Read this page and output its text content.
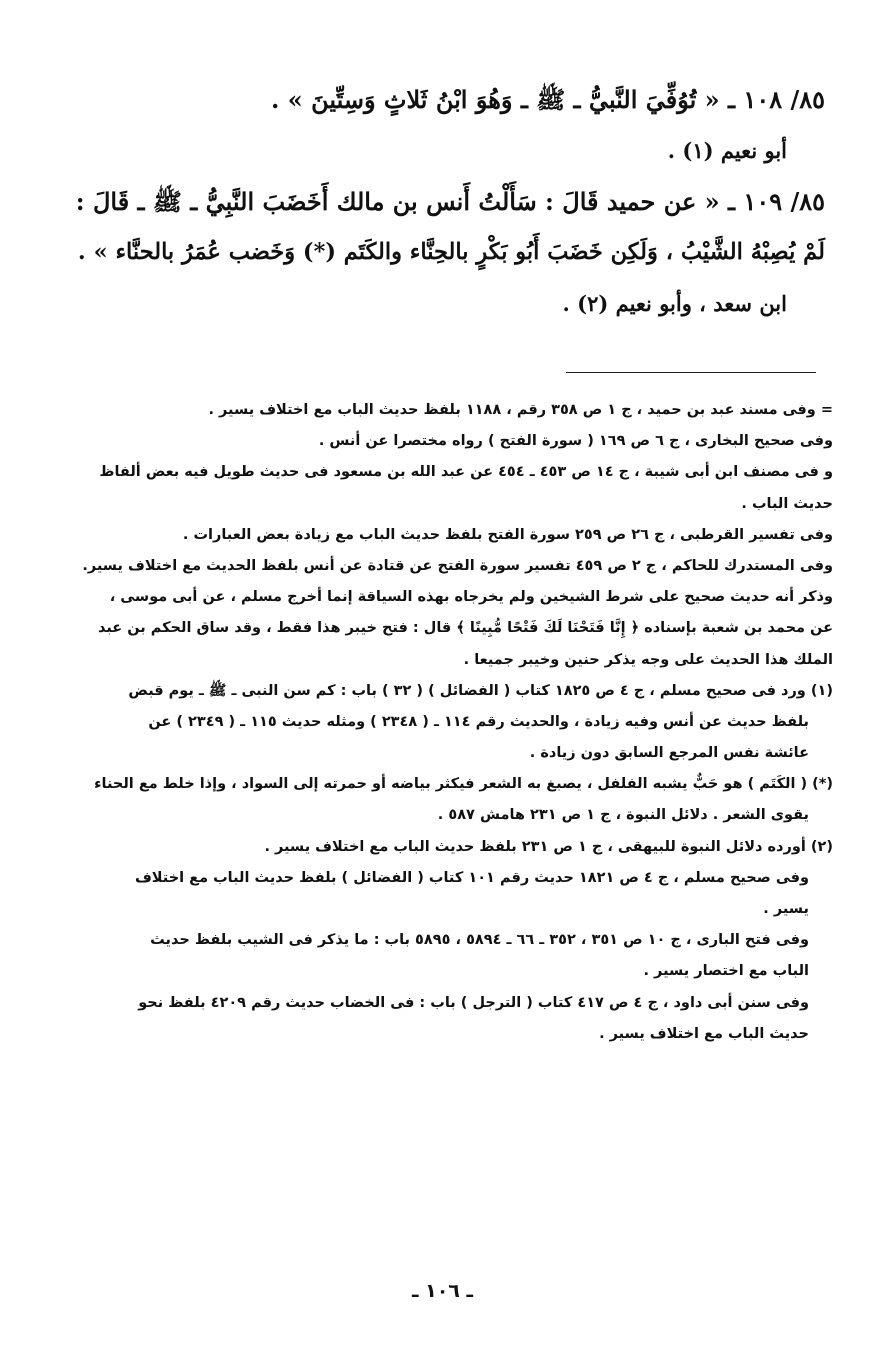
٨٥/ ١٠٨ ـ « تُوُفِّيَ النَّبيُّ ـ ﷺ ـ وَهُوَ ابْنُ ثَلاثٍ وَسِتِّينَ » .

أبو نعيم (١) .

٨٥/ ١٠٩ ـ « عن حميد قَالَ : سَأَلْتُ أَنس بن مالك أَخَضَبَ النَّبِيُّ ـ ﷺ ـ قَالَ :

لَمْ يُصِبْهُ الشَّيْبُ ، وَلَكِن خَضَبَ أَبُو بَكْرٍ بالحِنَّاء والكَتَم (*) وَخَضب عُمَرُ بالحنَّاء » .

ابن سعد ، وأبو نعيم (٢) .

= وفى مسند عبد بن حميد ، ج ١ ص ٣٥٨ رقم ، ١١٨٨ بلفظ حديث الباب مع اختلاف يسير .
وفى صحيح البخارى ، ج ٦ ص ١٦٩ ( سورة الفتح ) رواه مختصرا عن أنس .
و فى مصنف ابن أبى شيبة ، ج ١٤ ص ٤٥٣ ـ ٤٥٤ عن عبد الله بن مسعود فى حديث طويل فيه بعض ألفاظ
حديث الباب .
وفى تفسير القرطبى ، ج ٢٦ ص ٢٥٩ سورة الفتح بلفظ حديث الباب مع زيادة بعض العبارات .
وفى المستدرك للحاكم ، ج ٢ ص ٤٥٩ تفسير سورة الفتح عن قتادة عن أنس بلفظ الحديث مع اختلاف يسير.
وذكر أنه حديث صحيح على شرط الشيخين ولم يخرجاه بهذه السياقة إنما أخرج مسلم ، عن أبى موسى ،
عن محمد بن شعبة بإسناده ﴿ إِنَّا فَتَحْنَا لَكَ فَتْحًا مُّبِينًا ﴾ قال : فتح خيبر هذا فقط ، وقد ساق الحكم بن عبد
الملك هذا الحديث على وجه يذكر حنين وخيبر جميعا .
(١) ورد فى صحيح مسلم ، ج ٤ ص ١٨٢٥ كتاب ( الفضائل ) ( ٣٢ ) باب : كم سن النبى ـ ﷺ ـ يوم قبض
بلفظ حديث عن أنس وفيه زيادة ، والحديث رقم ١١٤ ـ ( ٢٣٤٨ ) ومثله حديث ١١٥ ـ ( ٢٣٤٩ ) عن
عائشة نفس المرجع السابق دون زيادة .
(*) ( الكَتَم ) هو حَبٌّ يشبه الفلفل ، يصبغ به الشعر فيكثر بياضه أو حمرته إلى السواد ، وإذا خلط مع الحناء
يقوى الشعر . دلائل النبوة ، ج ١ ص ٢٣١ هامش ٥٨٧ .
(٢) أورده دلائل النبوة للبيهقى ، ج ١ ص ٢٣١ بلفظ حديث الباب مع اختلاف يسير .
وفى صحيح مسلم ، ج ٤ ص ١٨٢١ حديث رقم ١٠١ كتاب ( الفضائل ) بلفظ حديث الباب مع اختلاف
يسير .
وفى فتح البارى ، ج ١٠ ص ٣٥١ ، ٣٥٢ ـ ٦٦ ـ ٥٨٩٤ ، ٥٨٩٥ باب : ما يذكر فى الشيب بلفظ حديث
الباب مع اختصار يسير .
وفى سنن أبى داود ، ج ٤ ص ٤١٧ كتاب ( الترجل ) باب : فى الخضاب حديث رقم ٤٢٠٩ بلفظ نحو
حديث الباب مع اختلاف يسير .
ـ ١٠٦ ـ
